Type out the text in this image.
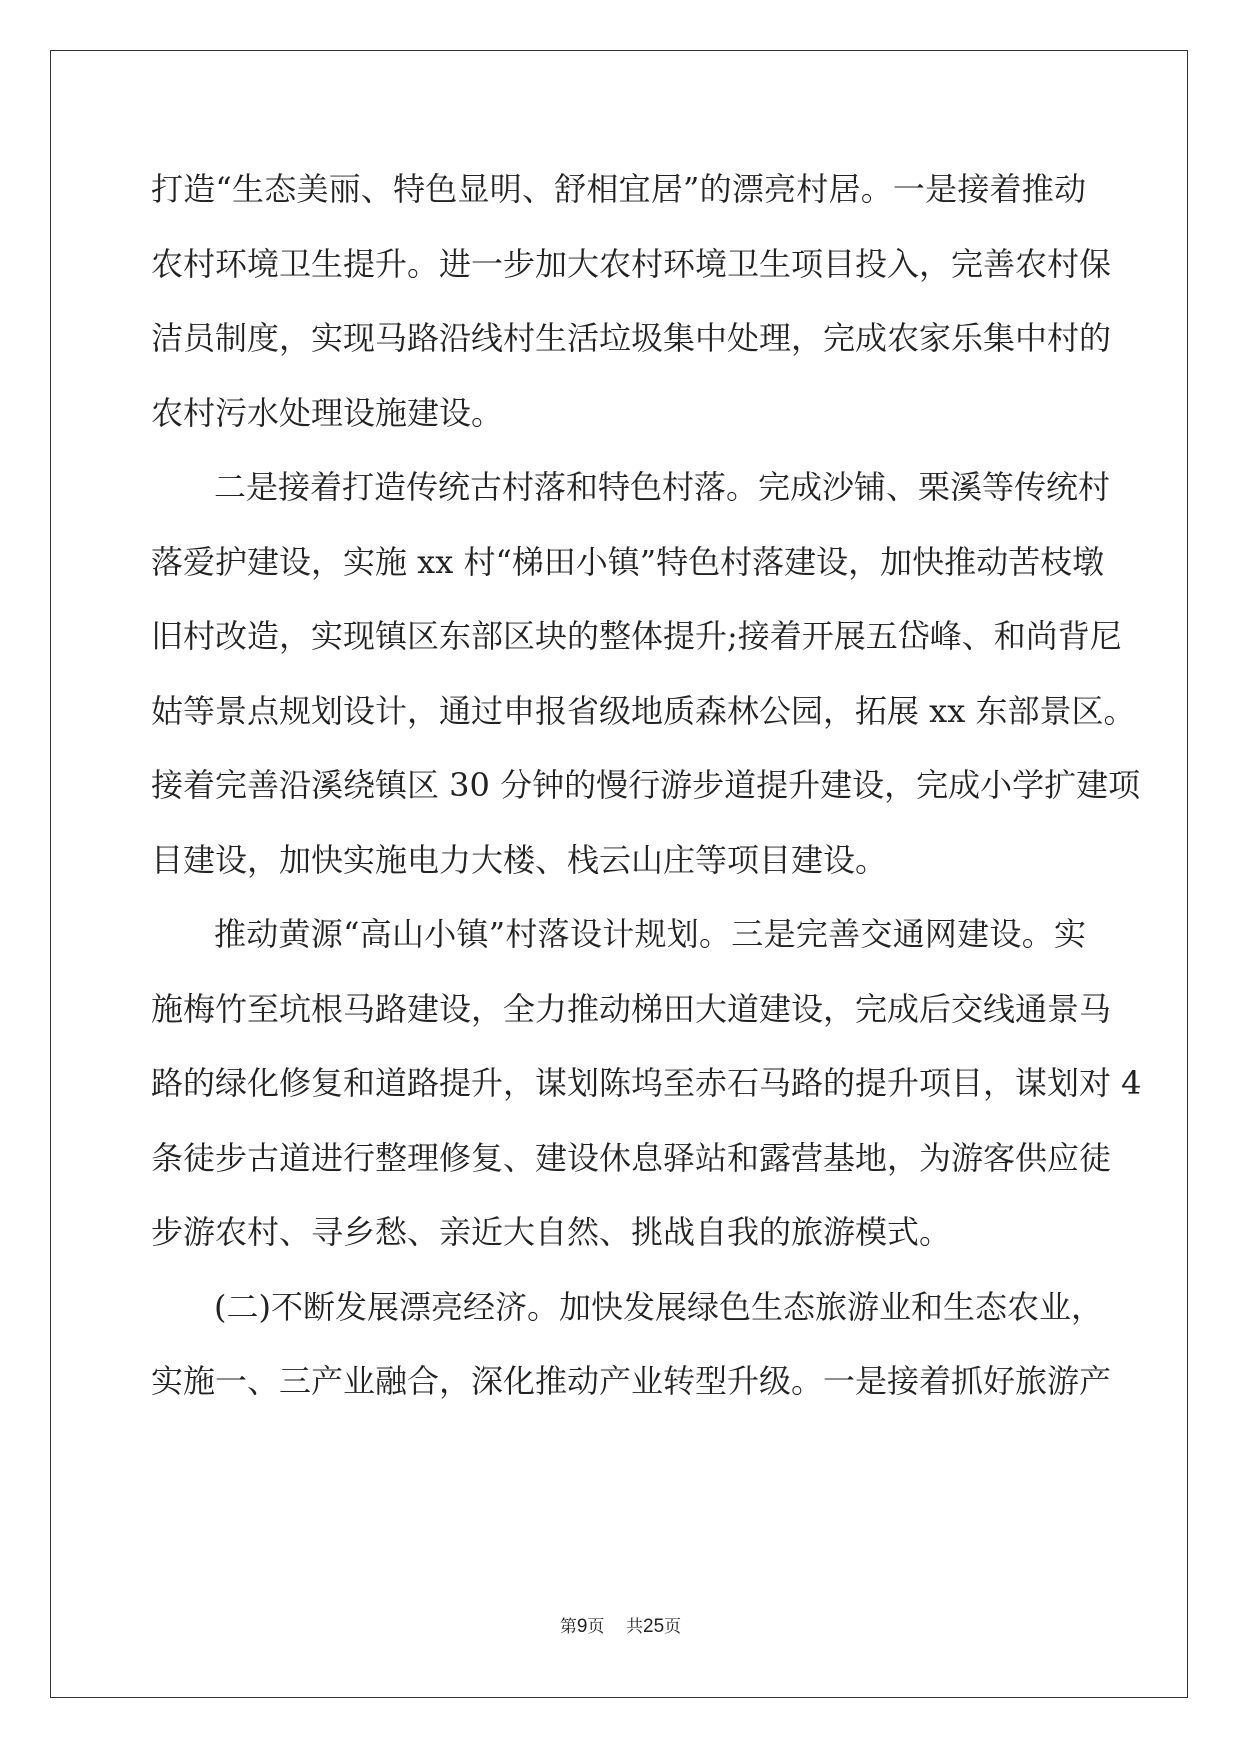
打造“生态美丽、特色显明、舒相宜居”的漂亮村居。一是接着推动
农村环境卫生提升。进一步加大农村环境卫生项目投入，完善农村保
洁员制度，实现马路沿线村生活垃圾集中处理，完成农家乐集中村的
农村污水处理设施建设。
二是接着打造传统古村落和特色村落。完成沙铺、栗溪等传统村
落爱护建设，实施 xx 村“梯田小镇”特色村落建设，加快推动苦枝墩
旧村改造，实现镇区东部区块的整体提升;接着开展五岱峰、和尚背尼
姑等景点规划设计，通过申报省级地质森林公园，拓展 xx 东部景区。
接着完善沿溪绕镇区 30 分钟的慢行游步道提升建设，完成小学扩建项
目建设，加快实施电力大楼、栈云山庄等项目建设。
推动黄源“高山小镇”村落设计规划。三是完善交通网建设。实
施梅竹至坑根马路建设，全力推动梯田大道建设，完成后交线通景马
路的绿化修复和道路提升，谋划陈坞至赤石马路的提升项目，谋划对 4
条徒步古道进行整理修复、建设休息驿站和露营基地，为游客供应徒
步游农村、寻乡愁、亲近大自然、挑战自我的旅游模式。
(二)不断发展漂亮经济。加快发展绿色生态旅游业和生态农业，
实施一、三产业融合，深化推动产业转型升级。一是接着抓好旅游产
第9页 共25页
